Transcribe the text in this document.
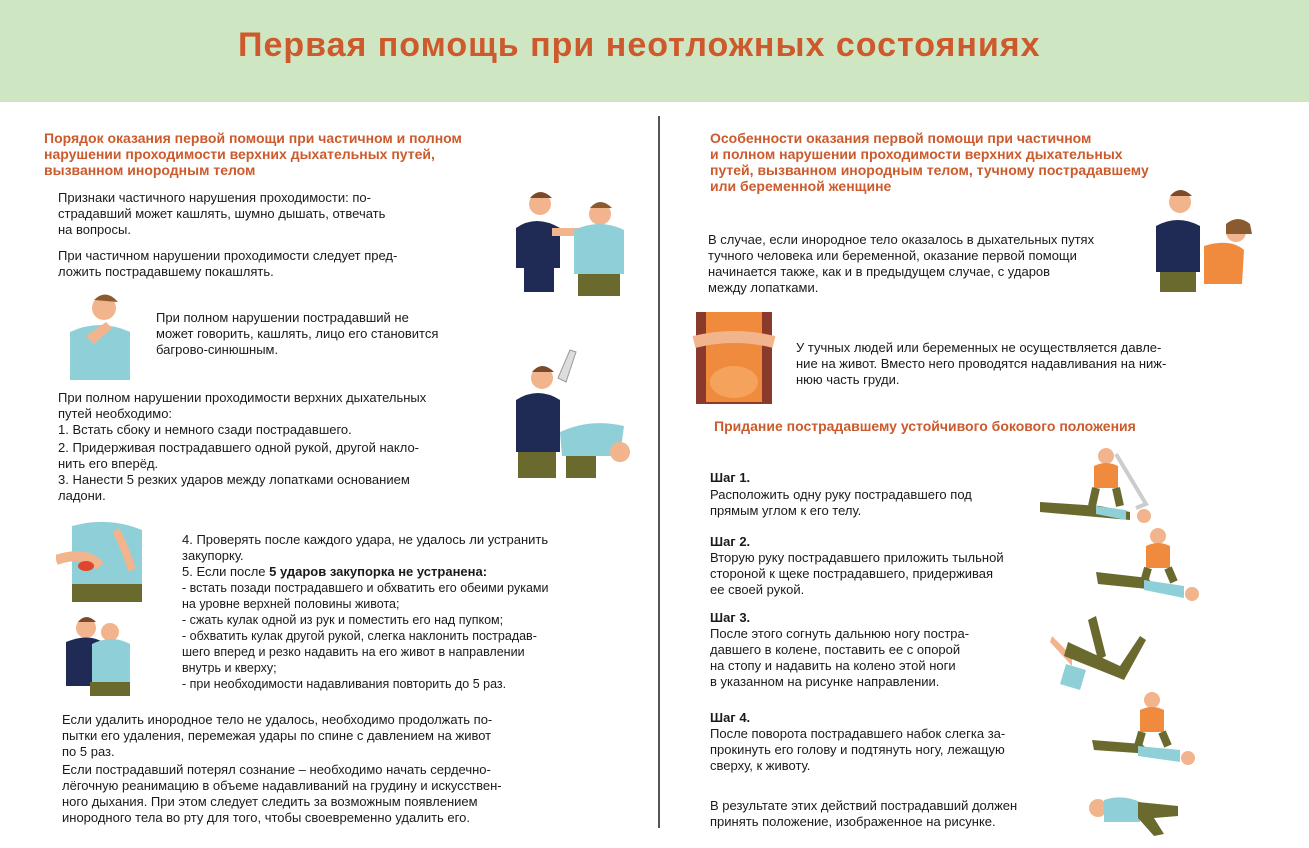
Первая помощь при неотложных состояниях
Порядок оказания первой помощи при частичном и полном
нарушении проходимости верхних дыхательных путей,
вызванном инородным телом
Признаки частичного нарушения проходимости: по-
страдавший может кашлять, шумно дышать, отвечать
на вопросы.
При частичном нарушении проходимости следует пред-
ложить пострадавшему покашлять.
При полном нарушении пострадавший не
может говорить, кашлять, лицо его становится
багрово-синюшным.
При полном нарушении проходимости верхних дыхательных
путей необходимо:
1. Встать сбоку и немного сзади пострадавшего.
2. Придерживая пострадавшего одной рукой, другой накло-
нить его вперёд.
3. Нанести 5 резких ударов между лопатками основанием
ладони.
4. Проверять после каждого удара, не удалось ли устранить
закупорку.
5. Если после 5 ударов закупорка не устранена:
- встать позади пострадавшего и обхватить его обеими руками
на уровне верхней половины живота;
- сжать кулак одной из рук и поместить его над пупком;
- обхватить кулак другой рукой, слегка наклонить пострадав-
шего вперед и резко надавить на его живот в направлении
внутрь и кверху;
- при необходимости надавливания повторить до 5 раз.
Если удалить инородное тело не удалось, необходимо продолжать по-
пытки его удаления, перемежая удары по спине с давлением на живот
по 5 раз.
Если пострадавший потерял сознание – необходимо начать сердечно-
лёгочную реанимацию в объеме надавливаний на грудину и искусствен-
ного дыхания. При этом следует следить за возможным появлением
инородного тела во рту для того, чтобы своевременно удалить его.
Особенности оказания первой помощи при частичном
и полном нарушении проходимости верхних дыхательных
путей, вызванном инородным телом, тучному пострадавшему
или беременной женщине
В случае, если инородное тело оказалось в дыхательных путях
тучного человека или беременной, оказание первой помощи
начинается также, как и в предыдущем случае, с ударов
между лопатками.
У тучных людей или беременных не осуществляется давле-
ние на живот. Вместо него проводятся надавливания на ниж-
нюю часть груди.
Придание пострадавшему устойчивого бокового положения
Шаг 1.
Расположить одну руку пострадавшего под
прямым углом к его телу.
Шаг 2.
Вторую руку пострадавшего приложить тыльной
стороной к щеке пострадавшего, придерживая
ее своей рукой.
Шаг 3.
После этого согнуть дальнюю ногу постра-
давшего в колене, поставить ее с опорой
на стопу и надавить на колено этой ноги
в указанном на рисунке направлении.
Шаг 4.
После поворота пострадавшего набок слегка за-
прокинуть его голову и подтянуть ногу, лежащую
сверху, к животу.
В результате этих действий пострадавший должен
принять положение, изображенное на рисунке.
